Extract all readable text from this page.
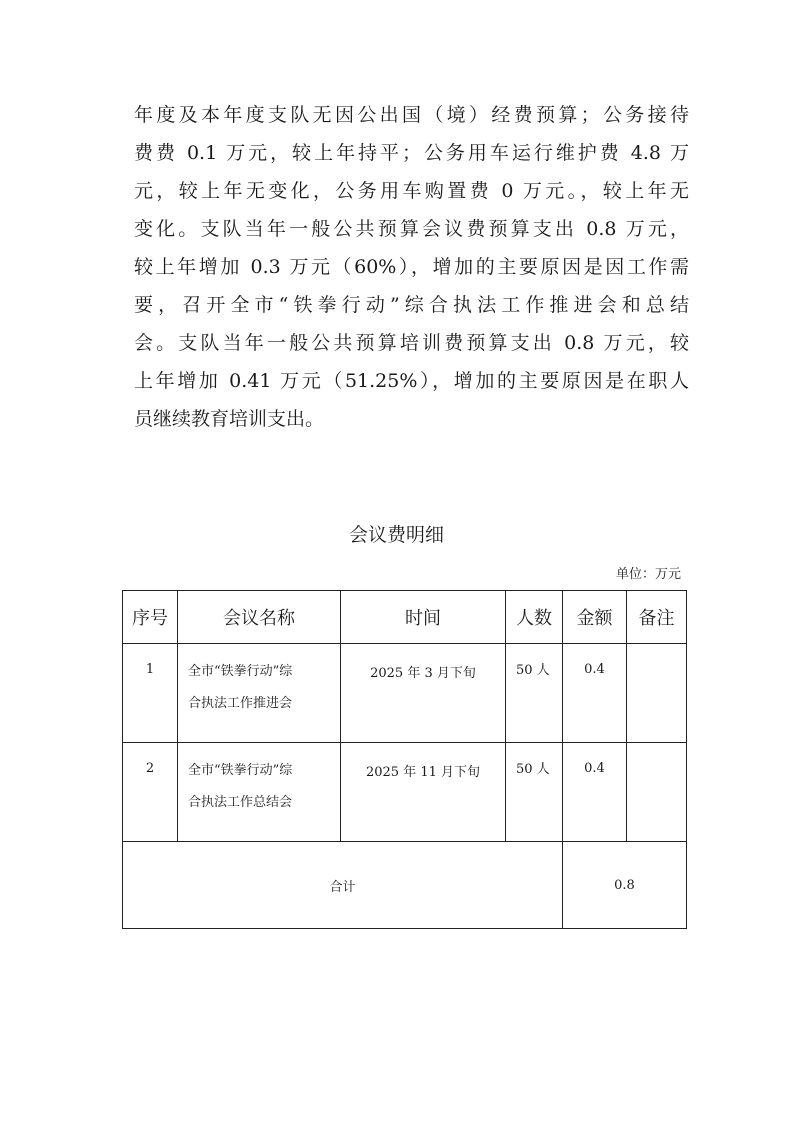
年度及本年度支队无因公出国（境）经费预算；公务接待
费费 0.1 万元，较上年持平；公务用车运行维护费 4.8 万
元，较上年无变化，公务用车购置费 0 万元。，较上年无
变化。支队当年一般公共预算会议费预算支出 0.8 万元，
较上年增加 0.3 万元（60%），增加的主要原因是因工作需
要，召开全市“铁拳行动”综合执法工作推进会和总结
会。支队当年一般公共预算培训费预算支出 0.8 万元，较
上年增加 0.41 万元（51.25%），增加的主要原因是在职人
员继续教育培训支出。
会议费明细
单位：万元
序号	会议名称	时间	人数	金额	备注
1	全市“铁拳行动”综
合执法工作推进会	2025 年 3 月下旬	50 人	0.4	
2	全市“铁拳行动”综
合执法工作总结会	2025 年 11 月下旬	50 人	0.4	
合计				0.8	
